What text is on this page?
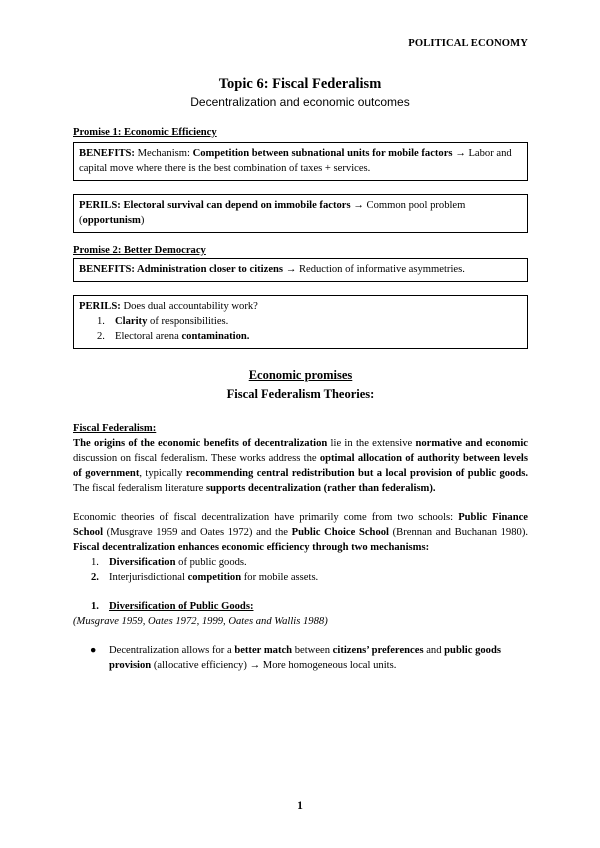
POLITICAL ECONOMY
Topic 6: Fiscal Federalism
Decentralization and economic outcomes

Promise 1: Economic Efficiency

BENEFITS: Mechanism: Competition between subnational units for mobile factors → Labor and capital move where there is the best combination of taxes + services.

PERILS: Electoral survival can depend on immobile factors → Common pool problem (opportunism)

Promise 2: Better Democracy

BENEFITS: Administration closer to citizens → Reduction of informative asymmetries.

PERILS: Does dual accountability work?

1. Clarity of responsibilities.
2. Electoral arena contamination.

Economic promises

Fiscal Federalism Theories:

Fiscal Federalism:

The origins of the economic benefits of decentralization lie in the extensive normative and economic discussion on fiscal federalism. These works address the optimal allocation of authority between levels of government, typically recommending central redistribution but a local provision of public goods. The fiscal federalism literature supports decentralization (rather than federalism).

Economic theories of fiscal decentralization have primarily come from two schools: Public Finance School (Musgrave 1959 and Oates 1972) and the Public Choice School (Brennan and Buchanan 1980). Fiscal decentralization enhances economic efficiency through two mechanisms:

1. Diversification of public goods.
2. Interjurisdictional competition for mobile assets.
1. Diversification of Public Goods:

(Musgrave 1959, Oates 1972, 1999, Oates and Wallis 1988)

● Decentralization allows for a better match between citizens’ preferences and public goods provision (allocative efficiency) → More homogeneous local units.
1
